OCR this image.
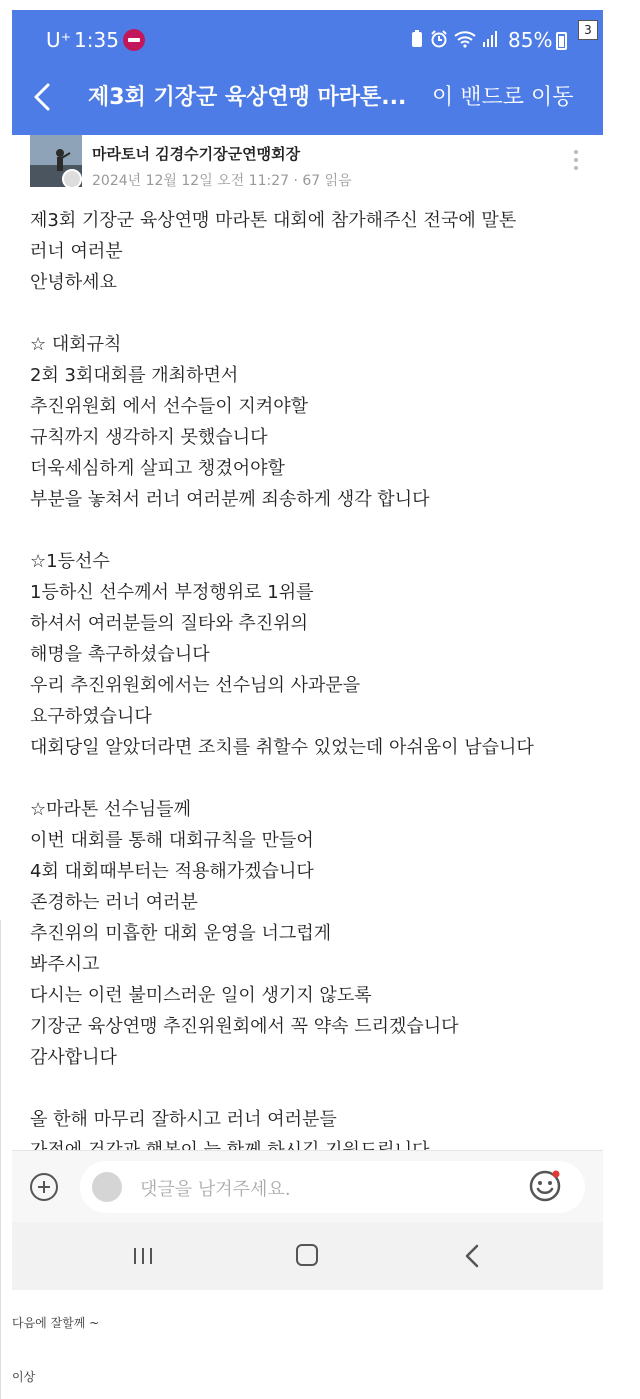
U⁺ 1:35	85%	3
제3회 기장군 육상연맹 마라톤... 이 밴드로 이동
마라토너 김경수기장군연맹회장
2024년 12월 12일 오전 11:27 · 67 읽음
제3회 기장군 육상연맹 마라톤 대회에 참가해주신 전국에 말톤
러너 여러분
안녕하세요
☆ 대회규칙
2회 3회대회를 개최하면서
추진위원회 에서 선수들이 지켜야할
규칙까지 생각하지 못했습니다
더욱세심하게 살피고 챙겼어야할
부분을 놓쳐서 러너 여러분께 죄송하게 생각 합니다
☆1등선수
1등하신 선수께서 부정행위로 1위를
하셔서 여러분들의 질타와 추진위의
해명을 촉구하셨습니다
우리 추진위원회에서는 선수님의 사과문을
요구하였습니다
대회당일 알았더라면 조치를 취할수 있었는데 아쉬움이 남습니다
☆마라톤 선수님들께
이번 대회를 통해 대회규칙을 만들어
4회 대회때부터는 적용해가겠습니다
존경하는 러너 여러분
추진위의 미흡한 대회 운영을 너그럽게
봐주시고
다시는 이런 불미스러운 일이 생기지 않도록
기장군 육상연맹 추진위원회에서 꼭 약속 드리겠습니다
감사합니다
올 한해 마무리 잘하시고 러너 여러분들
댓글을 남겨주세요.
다음에 잘할께 ~
이상
